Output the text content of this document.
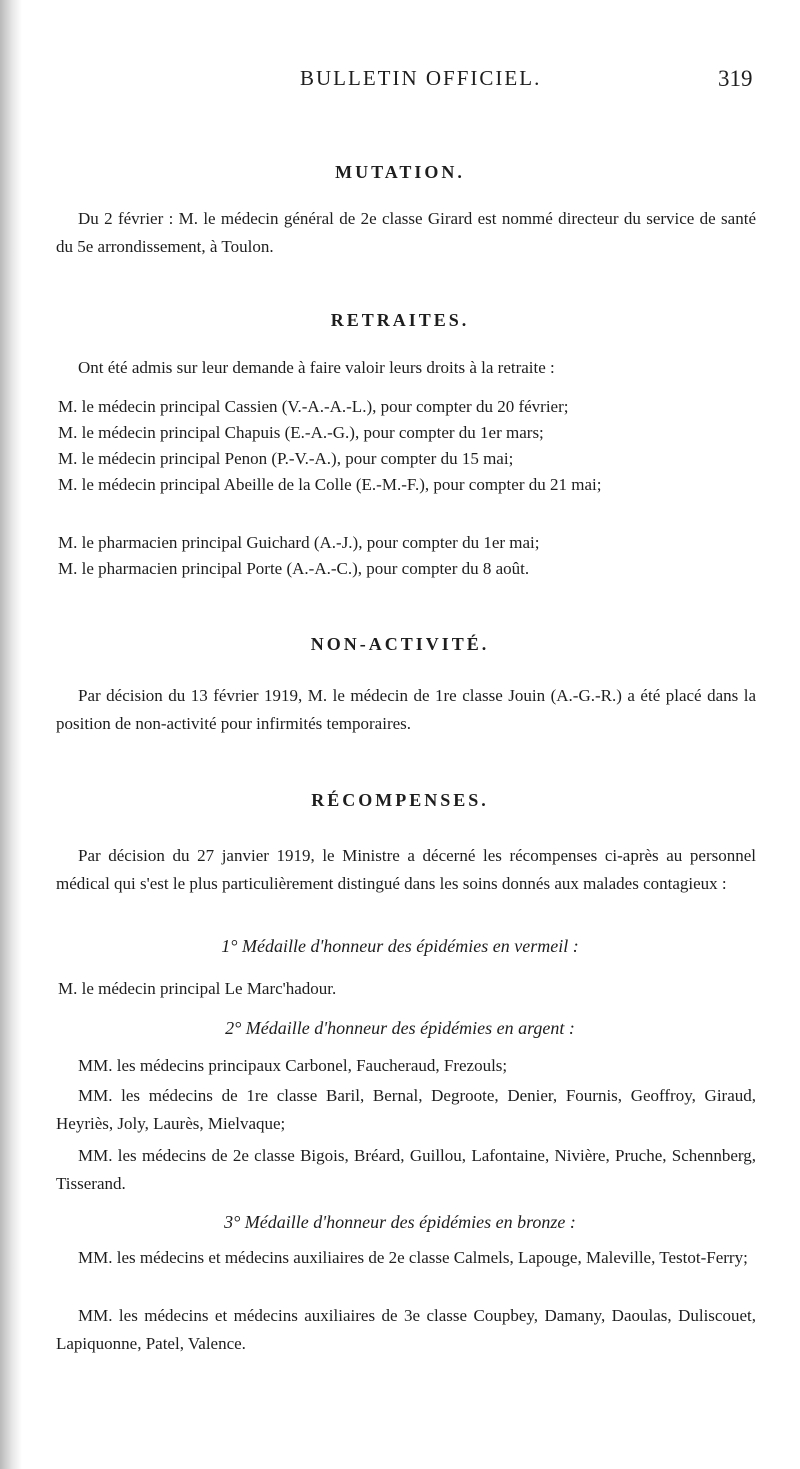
BULLETIN OFFICIEL.	319
MUTATION.
Du 2 février : M. le médecin général de 2e classe Girard est nommé directeur du service de santé du 5e arrondissement, à Toulon.
RETRAITES.
Ont été admis sur leur demande à faire valoir leurs droits à la retraite :
M. le médecin principal Cassien (V.-A.-A.-L.), pour compter du 20 février;
M. le médecin principal Chapuis (E.-A.-G.), pour compter du 1er mars;
M. le médecin principal Penon (P.-V.-A.), pour compter du 15 mai;
M. le médecin principal Abeille de la Colle (E.-M.-F.), pour compter du 21 mai;
M. le pharmacien principal Guichard (A.-J.), pour compter du 1er mai;
M. le pharmacien principal Porte (A.-A.-C.), pour compter du 8 août.
NON-ACTIVITÉ.
Par décision du 13 février 1919, M. le médecin de 1re classe Jouin (A.-G.-R.) a été placé dans la position de non-activité pour infirmités temporaires.
RÉCOMPENSES.
Par décision du 27 janvier 1919, le Ministre a décerné les récompenses ci-après au personnel médical qui s'est le plus particulièrement distingué dans les soins donnés aux malades contagieux :
1° Médaille d'honneur des épidémies en vermeil :
M. le médecin principal Le Marc'hadour.
2° Médaille d'honneur des épidémies en argent :
MM. les médecins principaux Carbonel, Faucheraud, Frezouls;
MM. les médecins de 1re classe Baril, Bernal, Degroote, Denier, Fournis, Geoffroy, Giraud, Heyriès, Joly, Laurès, Mielvaque;
MM. les médecins de 2e classe Bigois, Bréard, Guillou, Lafontaine, Nivière, Pruche, Schennberg, Tisserand.
3° Médaille d'honneur des épidémies en bronze :
MM. les médecins et médecins auxiliaires de 2e classe Calmels, Lapouge, Maleville, Testot-Ferry;
MM. les médecins et médecins auxiliaires de 3e classe Coupbey, Damany, Daoulas, Duliscouet, Lapiquonne, Patel, Valence.
